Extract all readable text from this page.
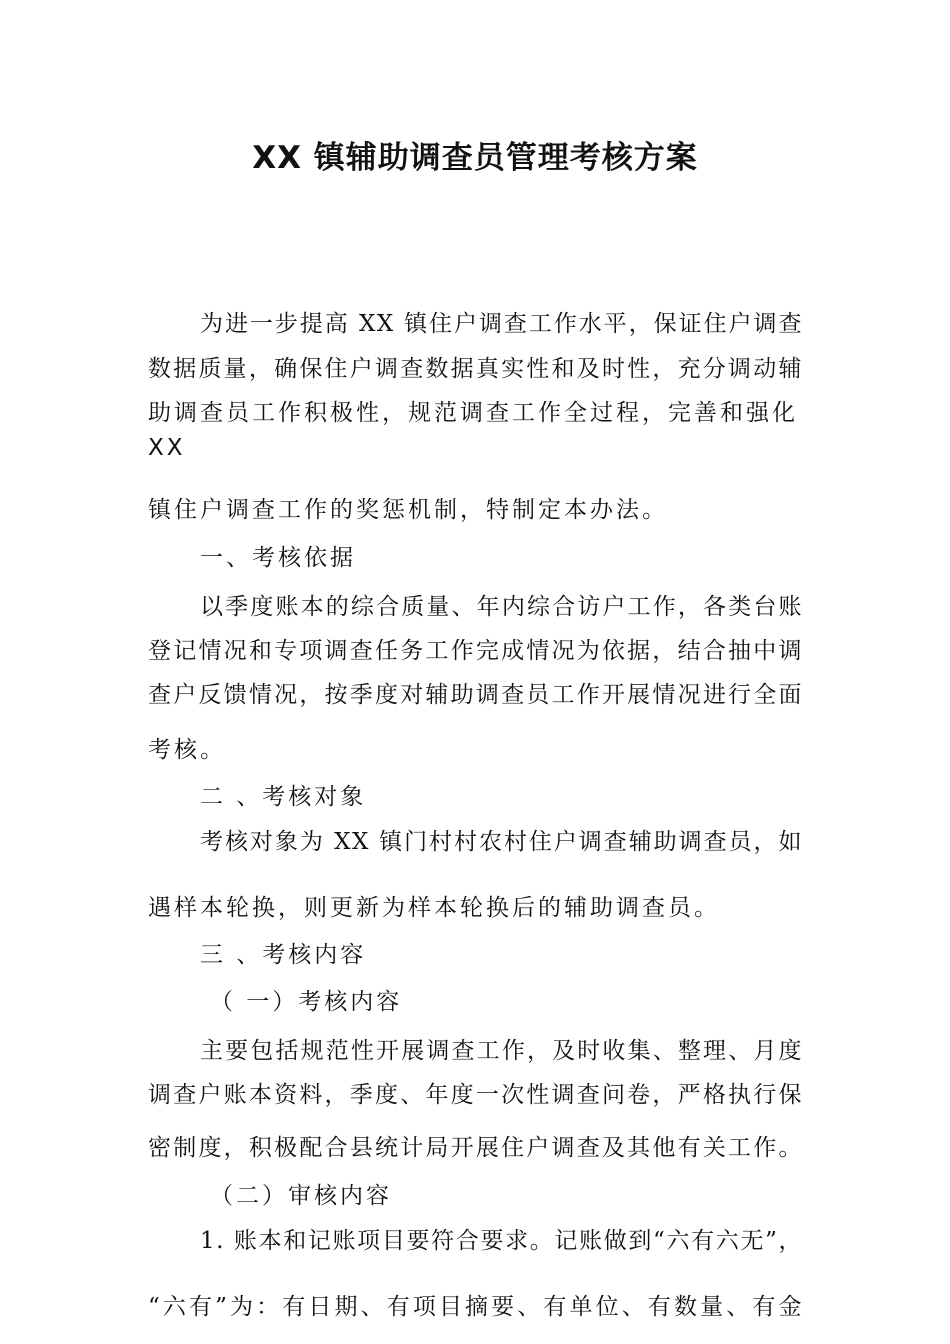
XX 镇辅助调查员管理考核方案
为进一步提高 XX 镇住户调查工作水平，保证住户调查
数据质量，确保住户调查数据真实性和及时性，充分调动辅
助调查员工作积极性，规范调查工作全过程，完善和强化
XX
镇住户调查工作的奖惩机制，特制定本办法。
一、考核依据
以季度账本的综合质量、年内综合访户工作，各类台账
登记情况和专项调查任务工作完成情况为依据，结合抽中调
查户反馈情况，按季度对辅助调查员工作开展情况进行全面
考核。
二 、考核对象
考核对象为 XX 镇门村村农村住户调查辅助调查员，如
遇样本轮换，则更新为样本轮换后的辅助调查员。
三 、考核内容
（ 一）考核内容
主要包括规范性开展调查工作，及时收集、整理、月度
调查户账本资料，季度、年度一次性调查问卷，严格执行保
密制度，积极配合县统计局开展住户调查及其他有关工作。
（二）审核内容
1. 账本和记账项目要符合要求。记账做到“六有六无”，
“六有”为：有日期、有项目摘要、有单位、有数量、有金
